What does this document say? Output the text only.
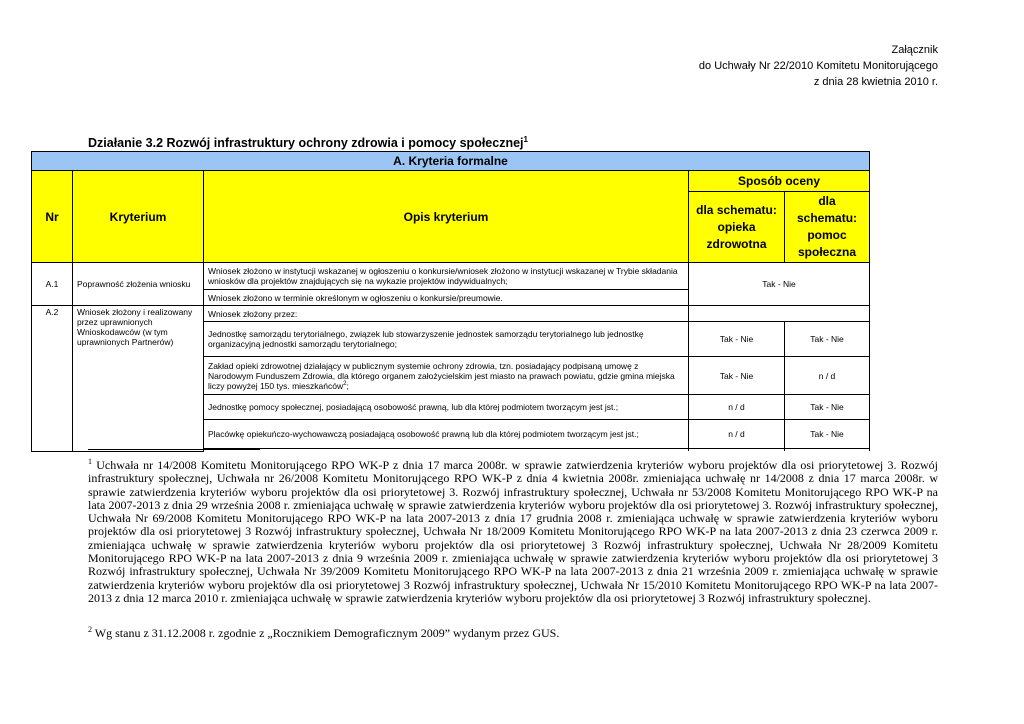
Załącznik
do Uchwały Nr 22/2010 Komitetu Monitorującego
z dnia 28 kwietnia 2010 r.
Działanie 3.2 Rozwój infrastruktury ochrony zdrowia i pomocy społecznej$^1$
A. Kryteria formalne				
Nr	Kryterium	Opis kryterium	Sposób oceny	
			dla schematu: opieka zdrowotna	dla schematu: pomoc społeczna
A.1	Poprawność złożenia wniosku	Wniosek złożono w instytucji wskazanej w ogłoszeniu o konkursie/wniosek złożono w instytucji wskazanej w Trybie składania wniosków dla projektów znajdujących się na wykazie projektów indywidualnych;	Tak - Nie	
		Wniosek złożono w terminie określonym w ogłoszeniu o konkursie/preumowie.		
A.2	Wniosek złożony i realizowany przez uprawnionych Wnioskodawców (w tym uprawnionych Partnerów)	Wniosek złożony przez:		
		Jednostkę samorządu terytorialnego, związek lub stowarzyszenie jednostek samorządu terytorialnego lub jednostkę organizacyjną jednostki samorządu terytorialnego;	Tak - Nie	Tak - Nie
		Zakład opieki zdrowotnej działający w publicznym systemie ochrony zdrowia, tzn. posiadający podpisaną umowę z Narodowym Funduszem Zdrowia, dla którego organem założycielskim jest miasto na prawach powiatu, gdzie gmina miejska liczy powyżej 150 tys. mieszkańców$^2$;	Tak - Nie	n / d
		Jednostkę pomocy społecznej, posiadającą osobowość prawną, lub dla której podmiotem tworzącym jest jst.;	n / d	Tak - Nie
		Placówkę opiekuńczo-wychowawczą posiadającą osobowość prawną lub dla której podmiotem tworzącym jest jst.;	n / d	Tak - Nie

$^1$ Uchwała nr 14/2008 Komitetu Monitorującego RPO WK-P z dnia 17 marca 2008r. w sprawie zatwierdzenia kryteriów wyboru projektów dla osi priorytetowej 3. Rozwój infrastruktury społecznej, Uchwała nr 26/2008 Komitetu Monitorującego RPO WK-P z dnia 4 kwietnia 2008r. zmieniająca uchwałę nr 14/2008 z dnia 17 marca 2008r. w sprawie zatwierdzenia kryteriów wyboru projektów dla osi priorytetowej 3. Rozwój infrastruktury społecznej, Uchwała nr 53/2008 Komitetu Monitorującego RPO WK-P na lata 2007-2013 z dnia 29 września 2008 r. zmieniająca uchwałę w sprawie zatwierdzenia kryteriów wyboru projektów dla osi priorytetowej 3. Rozwój infrastruktury społecznej, Uchwała Nr 69/2008 Komitetu Monitorującego RPO WK-P na lata 2007-2013 z dnia 17 grudnia 2008 r. zmieniająca uchwałę w sprawie zatwierdzenia kryteriów wyboru projektów dla osi priorytetowej 3 Rozwój infrastruktury społecznej, Uchwała Nr 18/2009 Komitetu Monitorującego RPO WK-P na lata 2007-2013 z dnia 23 czerwca 2009 r. zmieniająca uchwałę w sprawie zatwierdzenia kryteriów wyboru projektów dla osi priorytetowej 3 Rozwój infrastruktury społecznej, Uchwała Nr 28/2009 Komitetu Monitorującego RPO WK-P na lata 2007-2013 z dnia 9 września 2009 r. zmieniająca uchwałę w sprawie zatwierdzenia kryteriów wyboru projektów dla osi priorytetowej 3 Rozwój infrastruktury społecznej, Uchwała Nr 39/2009 Komitetu Monitorującego RPO WK-P na lata 2007-2013 z dnia 21 września 2009 r. zmieniająca uchwałę w sprawie zatwierdzenia kryteriów wyboru projektów dla osi priorytetowej 3 Rozwój infrastruktury społecznej, Uchwała Nr 15/2010 Komitetu Monitorującego RPO WK-P na lata 2007-2013 z dnia 12 marca 2010 r. zmieniająca uchwałę w sprawie zatwierdzenia kryteriów wyboru projektów dla osi priorytetowej 3 Rozwój infrastruktury społecznej.
$^2$ Wg stanu z 31.12.2008 r. zgodnie z „Rocznikiem Demograficznym 2009” wydanym przez GUS.
